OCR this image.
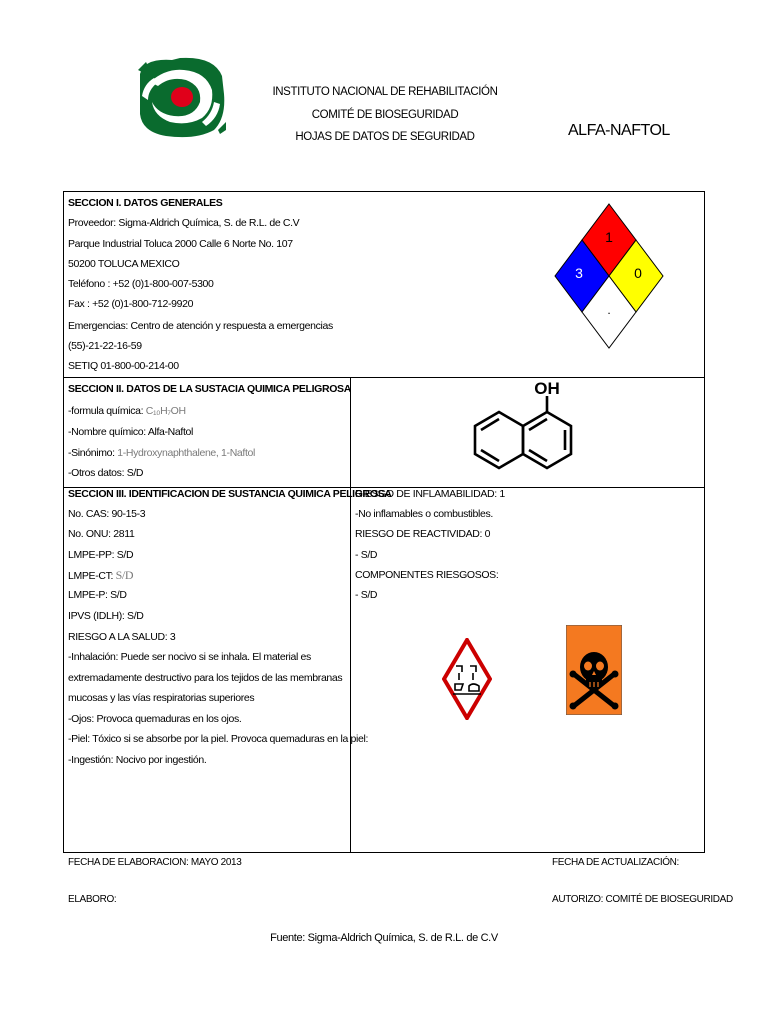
INSTITUTO NACIONAL DE REHABILITACIÓN
COMITÉ DE BIOSEGURIDAD
HOJAS DE DATOS DE SEGURIDAD	ALFA-NAFTOL
SECCION I. DATOS GENERALES
Proveedor: Sigma-Aldrich Química, S. de R.L. de C.V
Parque Industrial Toluca 2000 Calle 6 Norte No. 107
50200 TOLUCA MEXICO
Teléfono : +52 (0)1-800-007-5300
Fax : +52 (0)1-800-712-9920
Emergencias: Centro de atención y respuesta a emergencias
(55)-21-22-16-59
SETIQ 01-800-00-214-00
1
3	0
.
SECCION II. DATOS DE LA SUSTACIA QUIMICA PELIGROSA
-formula química: C₁₀H₇OH
-Nombre químico: Alfa-Naftol
-Sinónimo: 1-Hydroxynaphthalene, 1-Naftol
-Otros datos: S/D
OH
SECCION III. IDENTIFICACION DE SUSTANCIA QUIMICA PELIGROSA
No. CAS: 90-15-3
No. ONU: 2811
LMPE-PP: S/D
LMPE-CT: S/D
LMPE-P: S/D
IPVS (IDLH): S/D
RIESGO A LA SALUD: 3
-Inhalación: Puede ser nocivo si se inhala. El material es
extremadamente destructivo para los tejidos de las membranas
mucosas y las vías respiratorias superiores
-Ojos: Provoca quemaduras en los ojos.
-Piel: Tóxico si se absorbe por la piel. Provoca quemaduras en la piel:
-Ingestión: Nocivo por ingestión.
RIESGO DE INFLAMABILIDAD: 1
-No inflamables o combustibles.
RIESGO DE REACTIVIDAD: 0
- S/D
COMPONENTES RIESGOSOS:
- S/D
FECHA DE ELABORACION: MAYO 2013	FECHA DE ACTUALIZACIÓN:
ELABORO:	AUTORIZO: COMITÉ DE BIOSEGURIDAD
Fuente: Sigma-Aldrich Química, S. de R.L. de C.V
